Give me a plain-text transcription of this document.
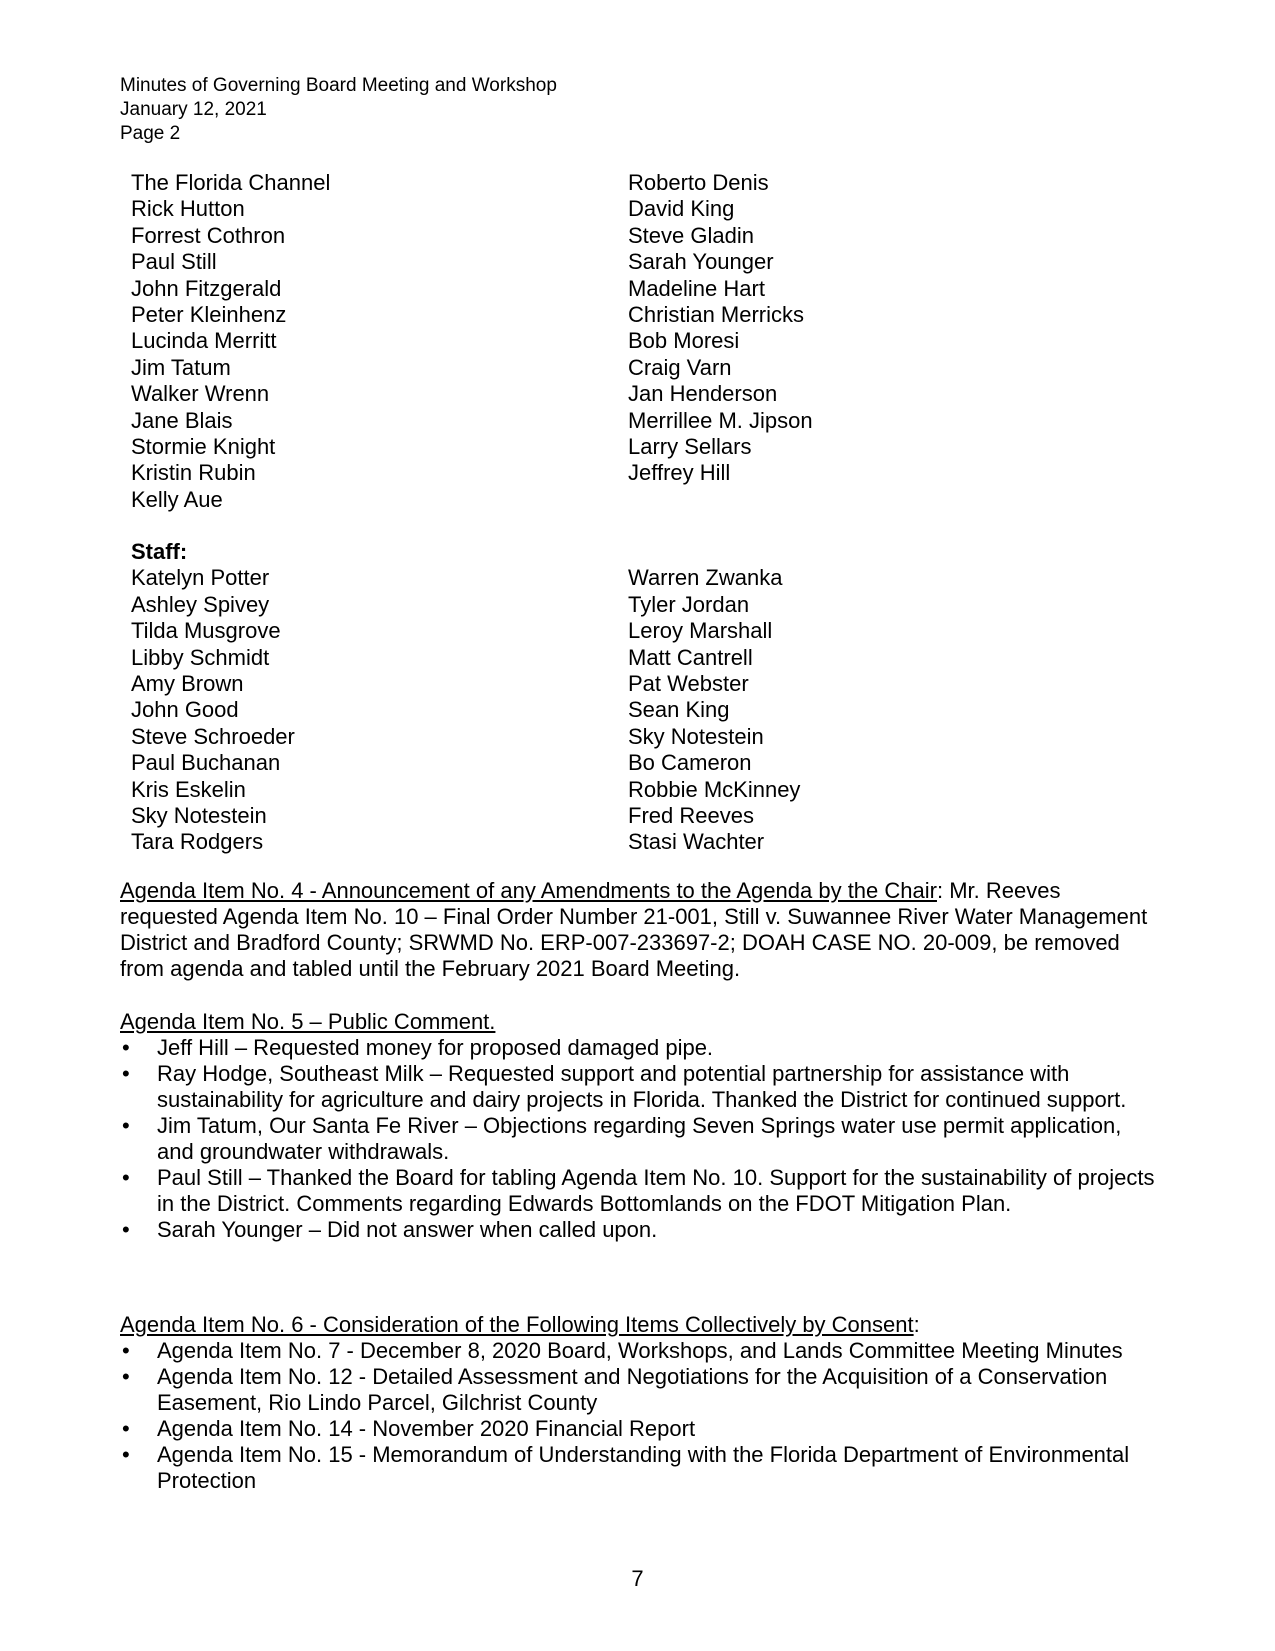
Minutes of Governing Board Meeting and Workshop
January 12, 2021
Page 2
The Florida Channel
Rick Hutton
Forrest Cothron
Paul Still
John Fitzgerald
Peter Kleinhenz
Lucinda Merritt
Jim Tatum
Walker Wrenn
Jane Blais
Stormie Knight
Kristin Rubin
Kelly Aue
Roberto Denis
David King
Steve Gladin
Sarah Younger
Madeline Hart
Christian Merricks
Bob Moresi
Craig Varn
Jan Henderson
Merrillee M. Jipson
Larry Sellars
Jeffrey Hill
Staff:
Katelyn Potter
Ashley Spivey
Tilda Musgrove
Libby Schmidt
Amy Brown
John Good
Steve Schroeder
Paul Buchanan
Kris Eskelin
Sky Notestein
Tara Rodgers
Warren Zwanka
Tyler Jordan
Leroy Marshall
Matt Cantrell
Pat Webster
Sean King
Sky Notestein
Bo Cameron
Robbie McKinney
Fred Reeves
Stasi Wachter

Agenda Item No. 4 - Announcement of any Amendments to the Agenda by the Chair: Mr. Reeves requested Agenda Item No. 10 – Final Order Number 21-001, Still v. Suwannee River Water Management District and Bradford County; SRWMD No. ERP-007-233697-2; DOAH CASE NO. 20-009, be removed from agenda and tabled until the February 2021 Board Meeting.

Agenda Item No. 5 – Public Comment.

• Jeff Hill – Requested money for proposed damaged pipe.
• Ray Hodge, Southeast Milk – Requested support and potential partnership for assistance with sustainability for agriculture and dairy projects in Florida. Thanked the District for continued support.
• Jim Tatum, Our Santa Fe River – Objections regarding Seven Springs water use permit application, and groundwater withdrawals.
• Paul Still – Thanked the Board for tabling Agenda Item No. 10. Support for the sustainability of projects in the District. Comments regarding Edwards Bottomlands on the FDOT Mitigation Plan.
• Sarah Younger – Did not answer when called upon.

Agenda Item No. 6 - Consideration of the Following Items Collectively by Consent:

• Agenda Item No. 7 - December 8, 2020 Board, Workshops, and Lands Committee Meeting Minutes
• Agenda Item No. 12 - Detailed Assessment and Negotiations for the Acquisition of a Conservation Easement, Rio Lindo Parcel, Gilchrist County
• Agenda Item No. 14 - November 2020 Financial Report
• Agenda Item No. 15 - Memorandum of Understanding with the Florida Department of Environmental Protection
7
